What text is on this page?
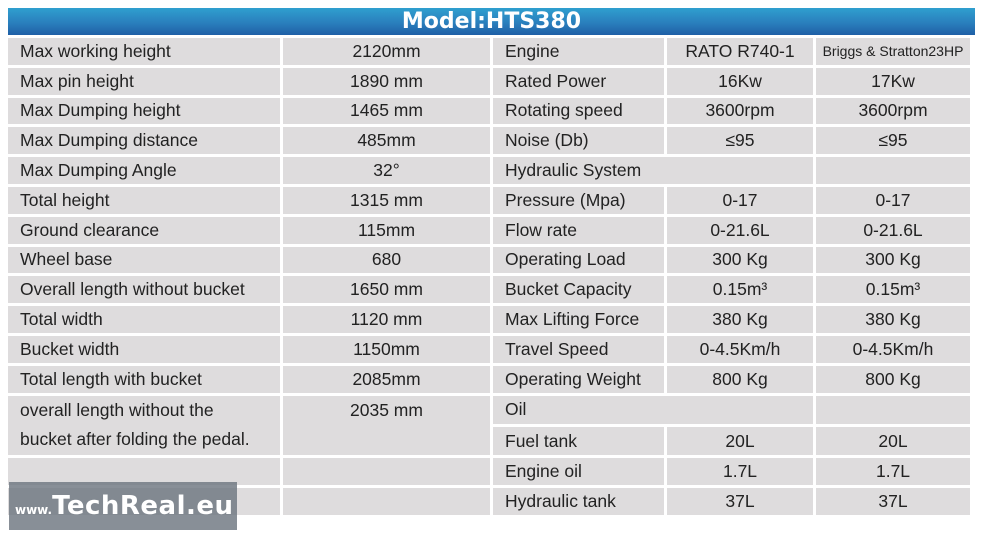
Model:HTS380
Max working height	2120mm	Engine	RATO R740-1	Briggs & Stratton23HP
Max pin height	1890 mm	Rated Power	16Kw	17Kw
Max Dumping height	1465 mm	Rotating speed	3600rpm	3600rpm
Max Dumping distance	485mm	Noise (Db)	≤95	≤95
Max Dumping Angle	32°	Hydraulic System		
Total height	1315 mm	Pressure (Mpa)	0-17	0-17
Ground clearance	115mm	Flow rate	0-21.6L	0-21.6L
Wheel base	680	Operating Load	300 Kg	300 Kg
Overall length without bucket	1650 mm	Bucket Capacity	0.15m³	0.15m³
Total width	1120 mm	Max Lifting Force	380 Kg	380 Kg
Bucket width	1150mm	Travel Speed	0-4.5Km/h	0-4.5Km/h
Total length with bucket	2085mm	Operating Weight	800 Kg	800 Kg

overall length without the
bucket after folding the pedal.	2035 mm	Oil		
		Fuel tank	20L	20L
		Engine oil	1.7L	1.7L
		Hydraulic tank	37L	37L
www. TechReal.eu
